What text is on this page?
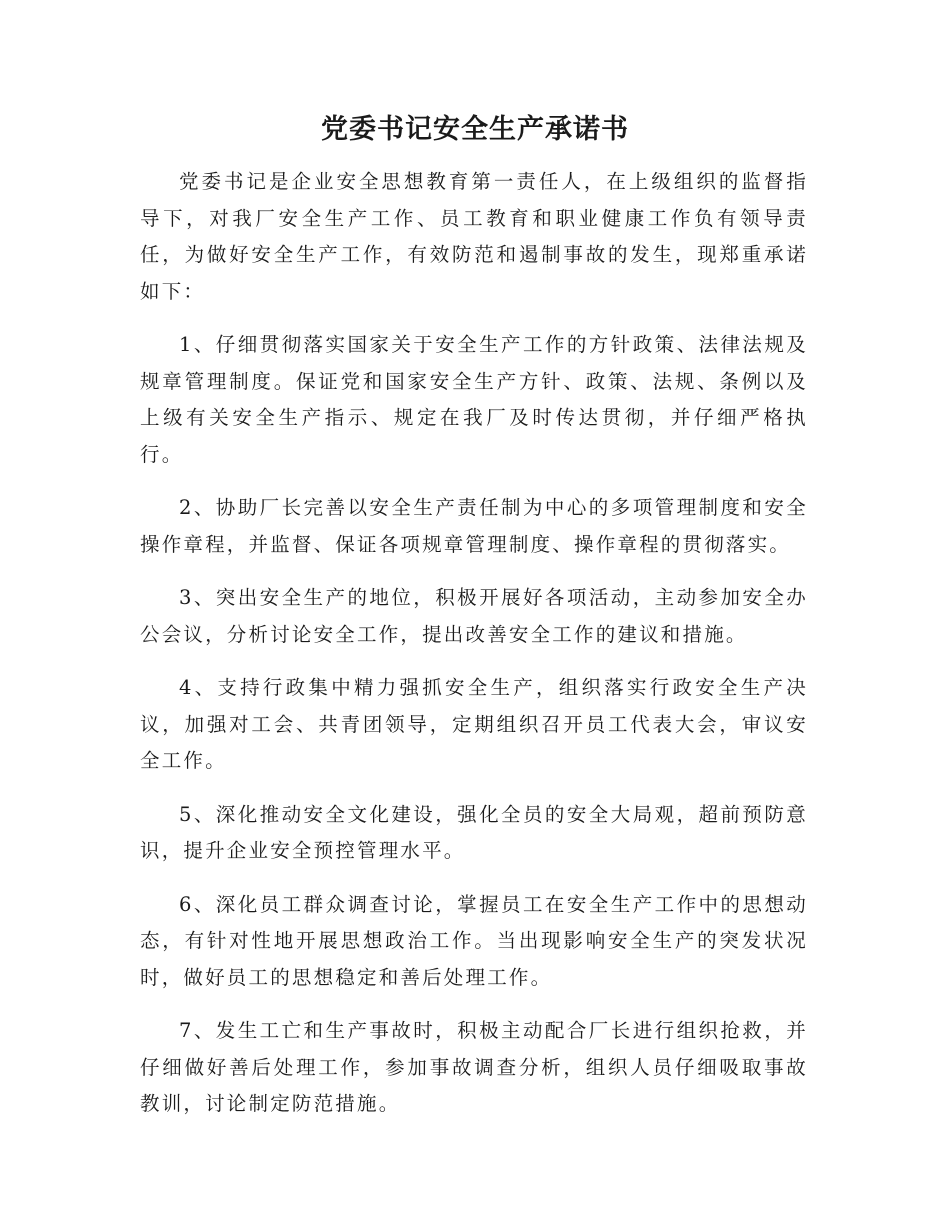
党委书记安全生产承诺书

党委书记是企业安全思想教育第一责任人，在上级组织的监督指导下，对我厂安全生产工作、员工教育和职业健康工作负有领导责任，为做好安全生产工作，有效防范和遏制事故的发生，现郑重承诺如下：

1、仔细贯彻落实国家关于安全生产工作的方针政策、法律法规及规章管理制度。保证党和国家安全生产方针、政策、法规、条例以及上级有关安全生产指示、规定在我厂及时传达贯彻，并仔细严格执行。

2、协助厂长完善以安全生产责任制为中心的多项管理制度和安全操作章程，并监督、保证各项规章管理制度、操作章程的贯彻落实。

3、突出安全生产的地位，积极开展好各项活动，主动参加安全办公会议，分析讨论安全工作，提出改善安全工作的建议和措施。

4、支持行政集中精力强抓安全生产，组织落实行政安全生产决议，加强对工会、共青团领导，定期组织召开员工代表大会，审议安全工作。

5、深化推动安全文化建设，强化全员的安全大局观，超前预防意识，提升企业安全预控管理水平。

6、深化员工群众调查讨论，掌握员工在安全生产工作中的思想动态，有针对性地开展思想政治工作。当出现影响安全生产的突发状况时，做好员工的思想稳定和善后处理工作。

7、发生工亡和生产事故时，积极主动配合厂长进行组织抢救，并仔细做好善后处理工作，参加事故调查分析，组织人员仔细吸取事故教训，讨论制定防范措施。
